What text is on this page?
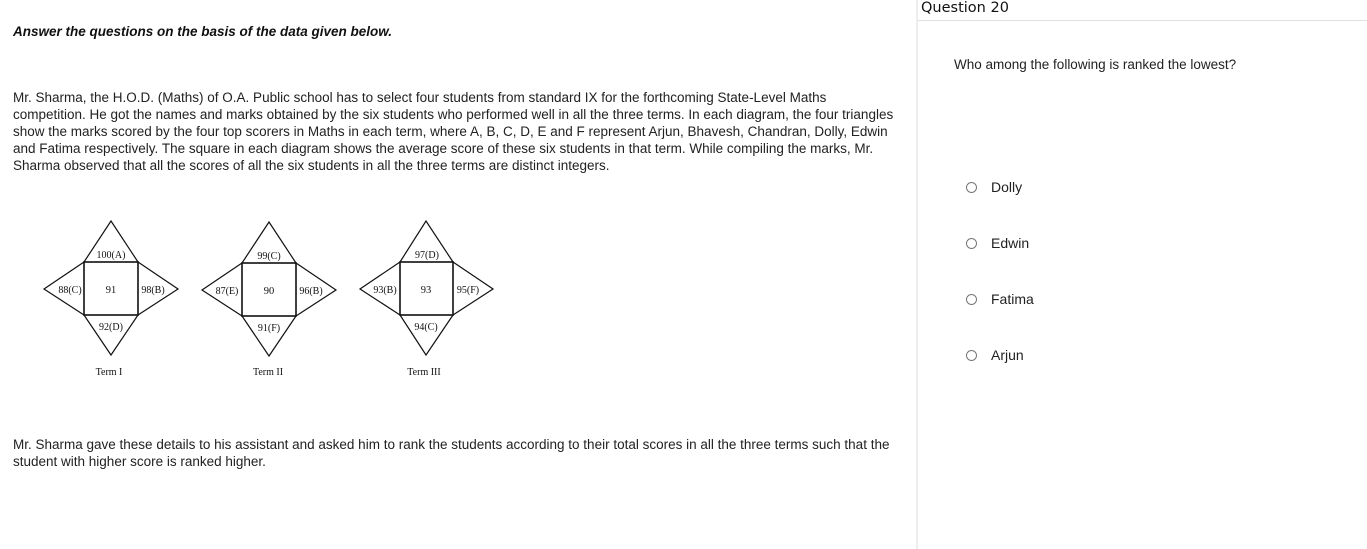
Answer the questions on the basis of the data given below.
Mr. Sharma, the H.O.D. (Maths) of O.A. Public school has to select four students from standard IX for the forthcoming State-Level Maths competition. He got the names and marks obtained by the six students who performed well in all the three terms. In each diagram, the four triangles show the marks scored by the four top scorers in Maths in each term, where A, B, C, D, E and F represent Arjun, Bhavesh, Chandran, Dolly, Edwin and Fatima respectively. The square in each diagram shows the average score of these six students in that term. While compiling the marks, Mr. Sharma observed that all the scores of all the six students in all the three terms are distinct integers.
100(A)
91
88(C)	98(B)
92(D)
Term I
99(C)
90
87(E)	96(B)
91(F)
Term II
97(D)
93
93(B)	95(F)
94(C)
Term III
Mr. Sharma gave these details to his assistant and asked him to rank the students according to their total scores in all the three terms such that the student with higher score is ranked higher.
Question 20
Who among the following is ranked the lowest?
Dolly
Edwin
Fatima
Arjun
